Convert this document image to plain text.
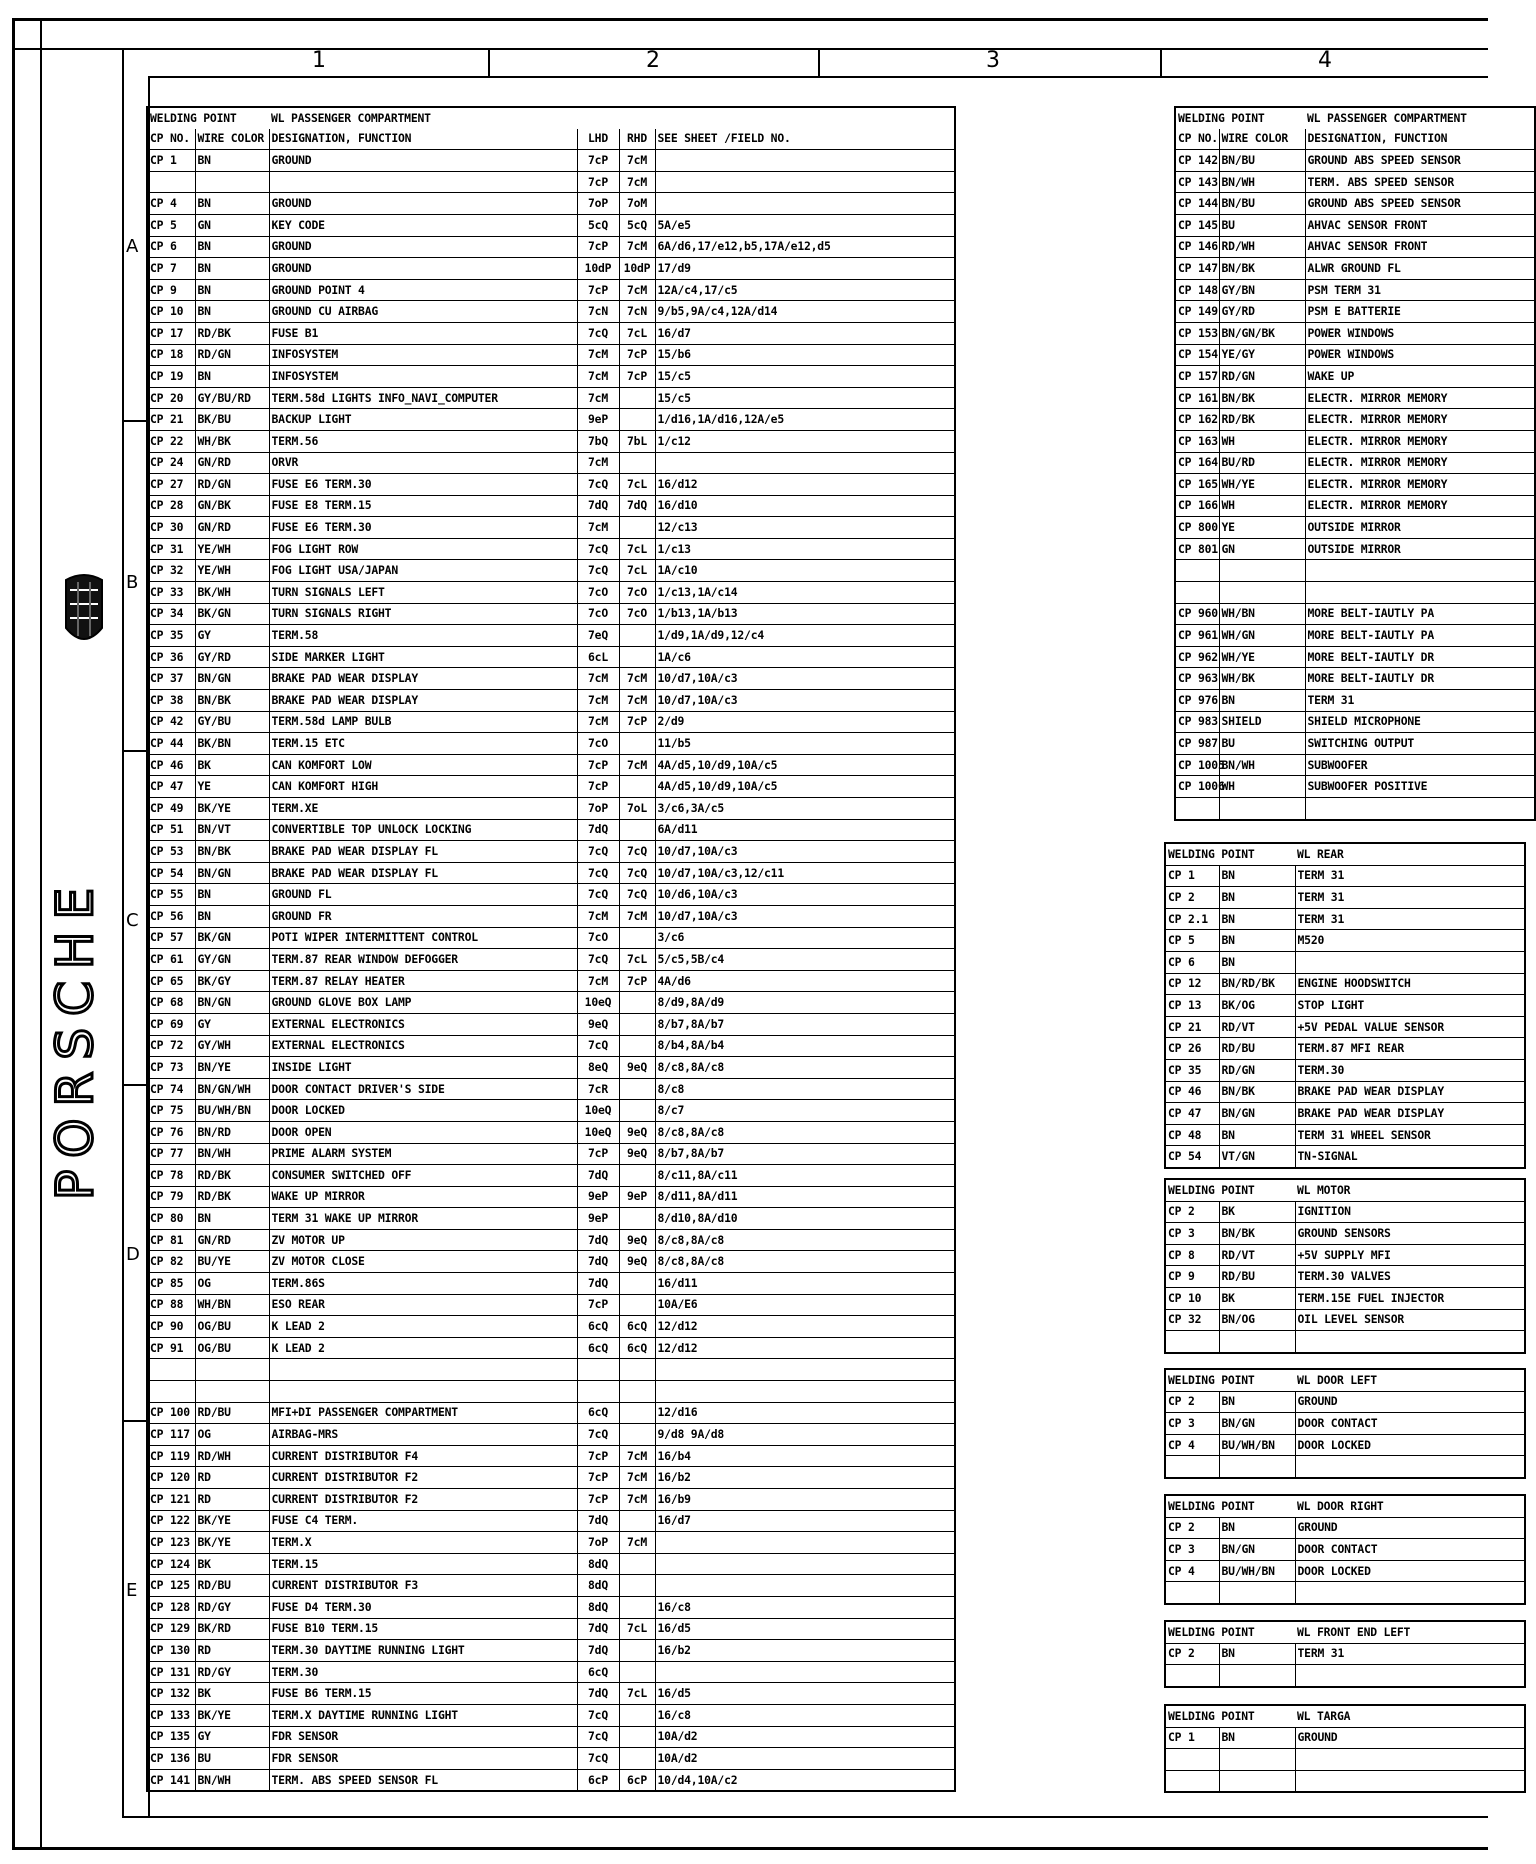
1	2	3	4
A
B
C
D
E
PORSCHE
WELDING POINT		WL PASSENGER COMPARTMENT			
CP NO.	WIRE COLOR	DESIGNATION, FUNCTION	LHD	RHD	SEE SHEET /FIELD NO.
CP 1	BN	GROUND	7cP	7cM	
			7cP	7cM	
CP 4	BN	GROUND	7oP	7oM	
CP 5	GN	KEY CODE	5cQ	5cQ	5A/e5
CP 6	BN	GROUND	7cP	7cM	6A/d6,17/e12,b5,17A/e12,d5
CP 7	BN	GROUND	10dP	10dP	17/d9
CP 9	BN	GROUND POINT 4	7cP	7cM	12A/c4,17/c5
CP 10	BN	GROUND CU AIRBAG	7cN	7cN	9/b5,9A/c4,12A/d14
CP 17	RD/BK	FUSE B1	7cQ	7cL	16/d7
CP 18	RD/GN	INFOSYSTEM	7cM	7cP	15/b6
CP 19	BN	INFOSYSTEM	7cM	7cP	15/c5
CP 20	GY/BU/RD	TERM.58d LIGHTS INFO_NAVI_COMPUTER	7cM		15/c5
CP 21	BK/BU	BACKUP LIGHT	9eP		1/d16,1A/d16,12A/e5
CP 22	WH/BK	TERM.56	7bQ	7bL	1/c12
CP 24	GN/RD	ORVR	7cM		
CP 27	RD/GN	FUSE E6 TERM.30	7cQ	7cL	16/d12
CP 28	GN/BK	FUSE E8 TERM.15	7dQ	7dQ	16/d10
CP 30	GN/RD	FUSE E6 TERM.30	7cM		12/c13
CP 31	YE/WH	FOG LIGHT ROW	7cQ	7cL	1/c13
CP 32	YE/WH	FOG LIGHT USA/JAPAN	7cQ	7cL	1A/c10
CP 33	BK/WH	TURN SIGNALS LEFT	7cO	7cO	1/c13,1A/c14
CP 34	BK/GN	TURN SIGNALS RIGHT	7cO	7cO	1/b13,1A/b13
CP 35	GY	TERM.58	7eQ		1/d9,1A/d9,12/c4
CP 36	GY/RD	SIDE MARKER LIGHT	6cL		1A/c6
CP 37	BN/GN	BRAKE PAD WEAR DISPLAY	7cM	7cM	10/d7,10A/c3
CP 38	BN/BK	BRAKE PAD WEAR DISPLAY	7cM	7cM	10/d7,10A/c3
CP 42	GY/BU	TERM.58d LAMP BULB	7cM	7cP	2/d9
CP 44	BK/BN	TERM.15 ETC	7cO		11/b5
CP 46	BK	CAN KOMFORT LOW	7cP	7cM	4A/d5,10/d9,10A/c5
CP 47	YE	CAN KOMFORT HIGH	7cP		4A/d5,10/d9,10A/c5
CP 49	BK/YE	TERM.XE	7oP	7oL	3/c6,3A/c5
CP 51	BN/VT	CONVERTIBLE TOP UNLOCK LOCKING	7dQ		6A/d11
CP 53	BN/BK	BRAKE PAD WEAR DISPLAY FL	7cQ	7cQ	10/d7,10A/c3
CP 54	BN/GN	BRAKE PAD WEAR DISPLAY FL	7cQ	7cQ	10/d7,10A/c3,12/c11
CP 55	BN	GROUND FL	7cQ	7cQ	10/d6,10A/c3
CP 56	BN	GROUND FR	7cM	7cM	10/d7,10A/c3
CP 57	BK/GN	POTI WIPER INTERMITTENT CONTROL	7cO		3/c6
CP 61	GY/GN	TERM.87 REAR WINDOW DEFOGGER	7cQ	7cL	5/c5,5B/c4
CP 65	BK/GY	TERM.87 RELAY HEATER	7cM	7cP	4A/d6
CP 68	BN/GN	GROUND GLOVE BOX LAMP	10eQ		8/d9,8A/d9
CP 69	GY	EXTERNAL ELECTRONICS	9eQ		8/b7,8A/b7
CP 72	GY/WH	EXTERNAL ELECTRONICS	7cQ		8/b4,8A/b4
CP 73	BN/YE	INSIDE LIGHT	8eQ	9eQ	8/c8,8A/c8
CP 74	BN/GN/WH	DOOR CONTACT DRIVER'S SIDE	7cR		8/c8
CP 75	BU/WH/BN	DOOR LOCKED	10eQ		8/c7
CP 76	BN/RD	DOOR OPEN	10eQ	9eQ	8/c8,8A/c8
CP 77	BN/WH	PRIME ALARM SYSTEM	7cP	9eQ	8/b7,8A/b7
CP 78	RD/BK	CONSUMER SWITCHED OFF	7dQ		8/c11,8A/c11
CP 79	RD/BK	WAKE UP MIRROR	9eP	9eP	8/d11,8A/d11
CP 80	BN	TERM 31 WAKE UP MIRROR	9eP		8/d10,8A/d10
CP 81	GN/RD	ZV MOTOR UP	7dQ	9eQ	8/c8,8A/c8
CP 82	BU/YE	ZV MOTOR CLOSE	7dQ	9eQ	8/c8,8A/c8
CP 85	OG	TERM.86S	7dQ		16/d11
CP 88	WH/BN	ESO REAR	7cP		10A/E6
CP 90	OG/BU	K LEAD 2	6cQ	6cQ	12/d12
CP 91	OG/BU	K LEAD 2	6cQ	6cQ	12/d12

CP 100	RD/BU	MFI+DI PASSENGER COMPARTMENT	6cQ		12/d16
CP 117	OG	AIRBAG-MRS	7cQ		9/d8 9A/d8
CP 119	RD/WH	CURRENT DISTRIBUTOR F4	7cP	7cM	16/b4
CP 120	RD	CURRENT DISTRIBUTOR F2	7cP	7cM	16/b2
CP 121	RD	CURRENT DISTRIBUTOR F2	7cP	7cM	16/b9
CP 122	BK/YE	FUSE C4 TERM.	7dQ		16/d7
CP 123	BK/YE	TERM.X	7oP	7cM	
CP 124	BK	TERM.15	8dQ		
CP 125	RD/BU	CURRENT DISTRIBUTOR F3	8dQ		
CP 128	RD/GY	FUSE D4 TERM.30	8dQ		16/c8
CP 129	BK/RD	FUSE B10 TERM.15	7dQ	7cL	16/d5
CP 130	RD	TERM.30 DAYTIME RUNNING LIGHT	7dQ		16/b2
CP 131	RD/GY	TERM.30	6cQ		
CP 132	BK	FUSE B6 TERM.15	7dQ	7cL	16/d5
CP 133	BK/YE	TERM.X DAYTIME RUNNING LIGHT	7cQ		16/c8
CP 135	GY	FDR SENSOR	7cQ		10A/d2
CP 136	BU	FDR SENSOR	7cQ		10A/d2
CP 141	BN/WH	TERM. ABS SPEED SENSOR FL	6cP	6cP	10/d4,10A/c2
WELDING POINT		WL PASSENGER COMPARTMENT
CP NO.	WIRE COLOR	DESIGNATION, FUNCTION
CP 142	BN/BU	GROUND ABS SPEED SENSOR
CP 143	BN/WH	TERM. ABS SPEED SENSOR
CP 144	BN/BU	GROUND ABS SPEED SENSOR
CP 145	BU	AHVAC SENSOR FRONT
CP 146	RD/WH	AHVAC SENSOR FRONT
CP 147	BN/BK	ALWR GROUND FL
CP 148	GY/BN	PSM TERM 31
CP 149	GY/RD	PSM E BATTERIE
CP 153	BN/GN/BK	POWER WINDOWS
CP 154	YE/GY	POWER WINDOWS
CP 157	RD/GN	WAKE UP
CP 161	BN/BK	ELECTR. MIRROR MEMORY
CP 162	RD/BK	ELECTR. MIRROR MEMORY
CP 163	WH	ELECTR. MIRROR MEMORY
CP 164	BU/RD	ELECTR. MIRROR MEMORY
CP 165	WH/YE	ELECTR. MIRROR MEMORY
CP 166	WH	ELECTR. MIRROR MEMORY
CP 800	YE	OUTSIDE MIRROR
CP 801	GN	OUTSIDE MIRROR

CP 960	WH/BN	MORE BELT-IAUTLY PA
CP 961	WH/GN	MORE BELT-IAUTLY PA
CP 962	WH/YE	MORE BELT-IAUTLY DR
CP 963	WH/BK	MORE BELT-IAUTLY DR
CP 976	BN	TERM 31
CP 983	SHIELD	SHIELD MICROPHONE
CP 987	BU	SWITCHING OUTPUT
CP 1005	BN/WH	SUBWOOFER
CP 1006	WH	SUBWOOFER POSITIVE

WELDING POINT		WL REAR
CP 1	BN	TERM 31
CP 2	BN	TERM 31
CP 2.1	BN	TERM 31
CP 5	BN	M520
CP 6	BN	
CP 12	BN/RD/BK	ENGINE HOODSWITCH
CP 13	BK/OG	STOP LIGHT
CP 21	RD/VT	+5V PEDAL VALUE SENSOR
CP 26	RD/BU	TERM.87 MFI REAR
CP 35	RD/GN	TERM.30
CP 46	BN/BK	BRAKE PAD WEAR DISPLAY
CP 47	BN/GN	BRAKE PAD WEAR DISPLAY
CP 48	BN	TERM 31 WHEEL SENSOR
CP 54	VT/GN	TN-SIGNAL
WELDING POINT		WL MOTOR
CP 2	BK	IGNITION
CP 3	BN/BK	GROUND SENSORS
CP 8	RD/VT	+5V SUPPLY MFI
CP 9	RD/BU	TERM.30 VALVES
CP 10	BK	TERM.15E FUEL INJECTOR
CP 32	BN/OG	OIL LEVEL SENSOR

WELDING POINT		WL DOOR LEFT
CP 2	BN	GROUND
CP 3	BN/GN	DOOR CONTACT
CP 4	BU/WH/BN	DOOR LOCKED

WELDING POINT		WL DOOR RIGHT
CP 2	BN	GROUND
CP 3	BN/GN	DOOR CONTACT
CP 4	BU/WH/BN	DOOR LOCKED

WELDING POINT		WL FRONT END LEFT
CP 2	BN	TERM 31

WELDING POINT		WL TARGA
CP 1	BN	GROUND
